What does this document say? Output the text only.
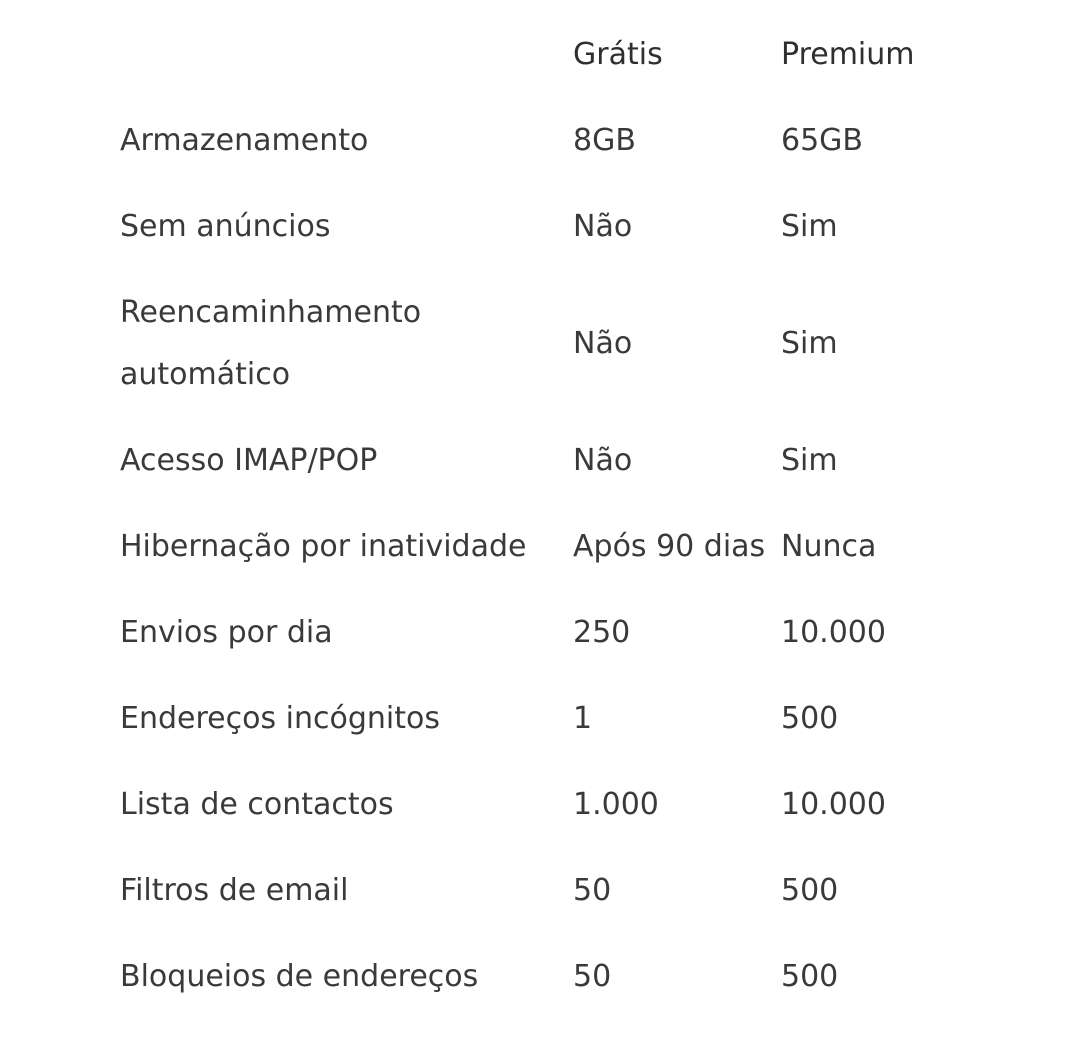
	Grátis	Premium

Armazenamento	8GB	65GB

Sem anúncios	Não	Sim

Reencaminhamento automático	Não	Sim

Acesso IMAP/POP	Não	Sim

Hibernação por inatividade	Após 90 dias	Nunca

Envios por dia	250	10.000

Endereços incógnitos	1	500

Lista de contactos	1.000	10.000

Filtros de email	50	500

Bloqueios de endereços	50	500
